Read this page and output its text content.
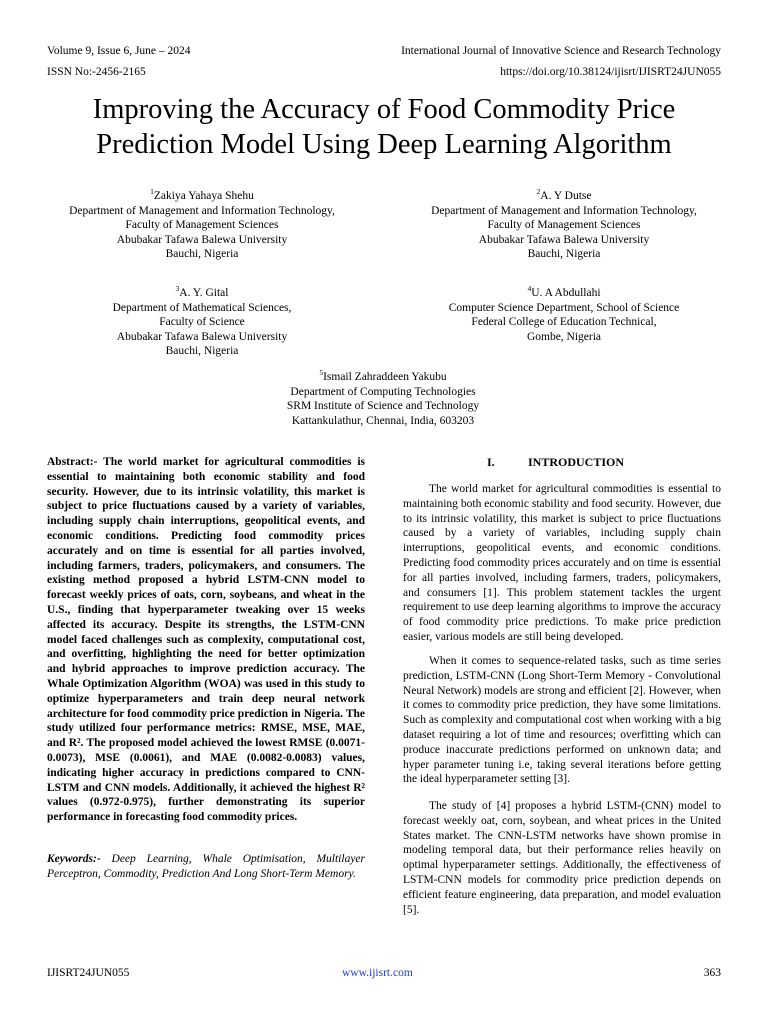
Volume 9, Issue 6, June – 2024	International Journal of Innovative Science and Research Technology
ISSN No:-2456-2165	https://doi.org/10.38124/ijisrt/IJISRT24JUN055
Improving the Accuracy of Food Commodity Price
Prediction Model Using Deep Learning Algorithm
$^1$Zakiya Yahaya Shehu
Department of Management and Information Technology,
Faculty of Management Sciences
Abubakar Tafawa Balewa University
Bauchi, Nigeria
$^2$A. Y Dutse
Department of Management and Information Technology,
Faculty of Management Sciences
Abubakar Tafawa Balewa University
Bauchi, Nigeria
$^3$A. Y. Gital
Department of Mathematical Sciences,
Faculty of Science
Abubakar Tafawa Balewa University
Bauchi, Nigeria
$^4$U. A Abdullahi
Computer Science Department, School of Science
Federal College of Education Technical,
Gombe, Nigeria
$^5$Ismail Zahraddeen Yakubu
Department of Computing Technologies
SRM Institute of Science and Technology
Kattankulathur, Chennai, India, 603203
Abstract:- The world market for agricultural commodities is essential to maintaining both economic stability and food security. However, due to its intrinsic volatility, this market is subject to price fluctuations caused by a variety of variables, including supply chain interruptions, geopolitical events, and economic conditions. Predicting food commodity prices accurately and on time is essential for all parties involved, including farmers, traders, policymakers, and consumers. The existing method proposed a hybrid LSTM-CNN model to forecast weekly prices of oats, corn, soybeans, and wheat in the U.S., finding that hyperparameter tweaking over 15 weeks affected its accuracy. Despite its strengths, the LSTM-CNN model faced challenges such as complexity, computational cost, and overfitting, highlighting the need for better optimization and hybrid approaches to improve prediction accuracy. The Whale Optimization Algorithm (WOA) was used in this study to optimize hyperparameters and train deep neural network architecture for food commodity price prediction in Nigeria. The study utilized four performance metrics: RMSE, MSE, MAE, and R². The proposed model achieved the lowest RMSE (0.0071-0.0073), MSE (0.0061), and MAE (0.0082-0.0083) values, indicating higher accuracy in predictions compared to CNN-LSTM and CNN models. Additionally, it achieved the highest R² values (0.972-0.975), further demonstrating its superior performance in forecasting food commodity prices.
Keywords:- Deep Learning, Whale Optimisation, Multilayer Perceptron, Commodity, Prediction And Long Short-Term Memory.
I.	INTRODUCTION

The world market for agricultural commodities is essential to maintaining both economic stability and food security. However, due to its intrinsic volatility, this market is subject to price fluctuations caused by a variety of variables, including supply chain interruptions, geopolitical events, and economic conditions. Predicting food commodity prices accurately and on time is essential for all parties involved, including farmers, traders, policymakers, and consumers [1]. This problem statement tackles the urgent requirement to use deep learning algorithms to improve the accuracy of food commodity price predictions. To make price prediction easier, various models are still being developed.

When it comes to sequence-related tasks, such as time series prediction, LSTM-CNN (Long Short-Term Memory - Convolutional Neural Network) models are strong and efficient [2]. However, when it comes to commodity price prediction, they have some limitations. Such as complexity and computational cost when working with a big dataset requiring a lot of time and resources; overfitting which can produce inaccurate predictions performed on unknown data; and hyper parameter tuning i.e, taking several iterations before getting the ideal hyperparameter setting [3].

The study of [4] proposes a hybrid LSTM-(CNN) model to forecast weekly oat, corn, soybean, and wheat prices in the United States market. The CNN-LSTM networks have shown promise in modeling temporal data, but their performance relies heavily on optimal hyperparameter settings. Additionally, the effectiveness of LSTM-CNN models for commodity price prediction depends on efficient feature engineering, data preparation, and model evaluation [5].

IJISRT24JUN055	www.ijisrt.com	363
